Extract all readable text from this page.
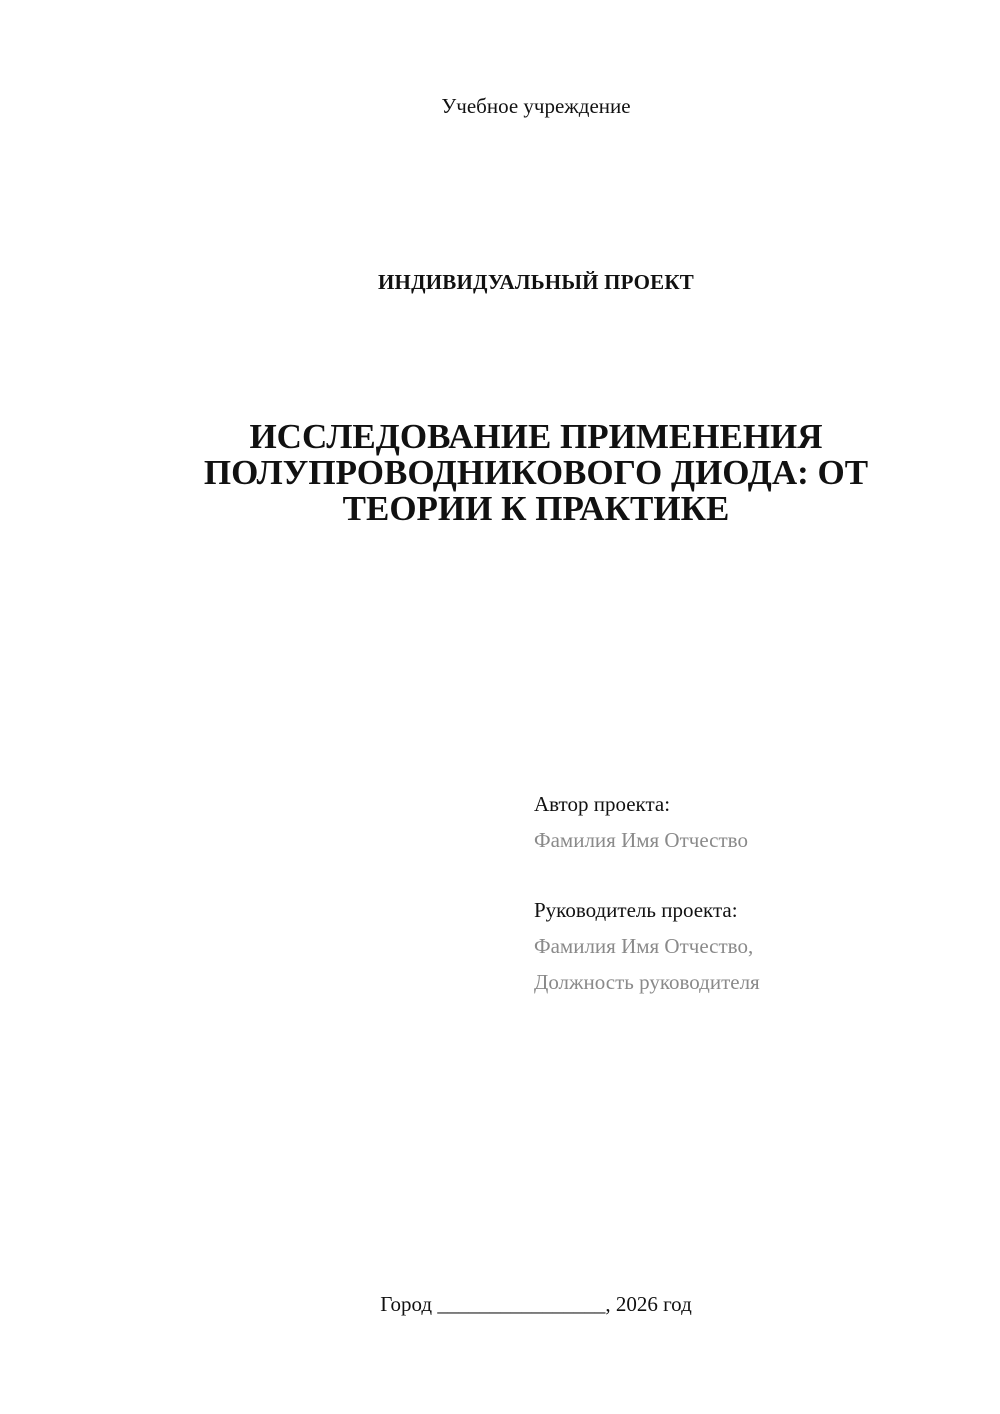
Учебное учреждение
ИНДИВИДУАЛЬНЫЙ ПРОЕКТ
ИССЛЕДОВАНИЕ ПРИМЕНЕНИЯ
ПОЛУПРОВОДНИКОВОГО ДИОДА: ОТ
ТЕОРИИ К ПРАКТИКЕ
Автор проекта:
Фамилия Имя Отчество
Руководитель проекта:
Фамилия Имя Отчество,
Должность руководителя
Город ________________, 2026 год
